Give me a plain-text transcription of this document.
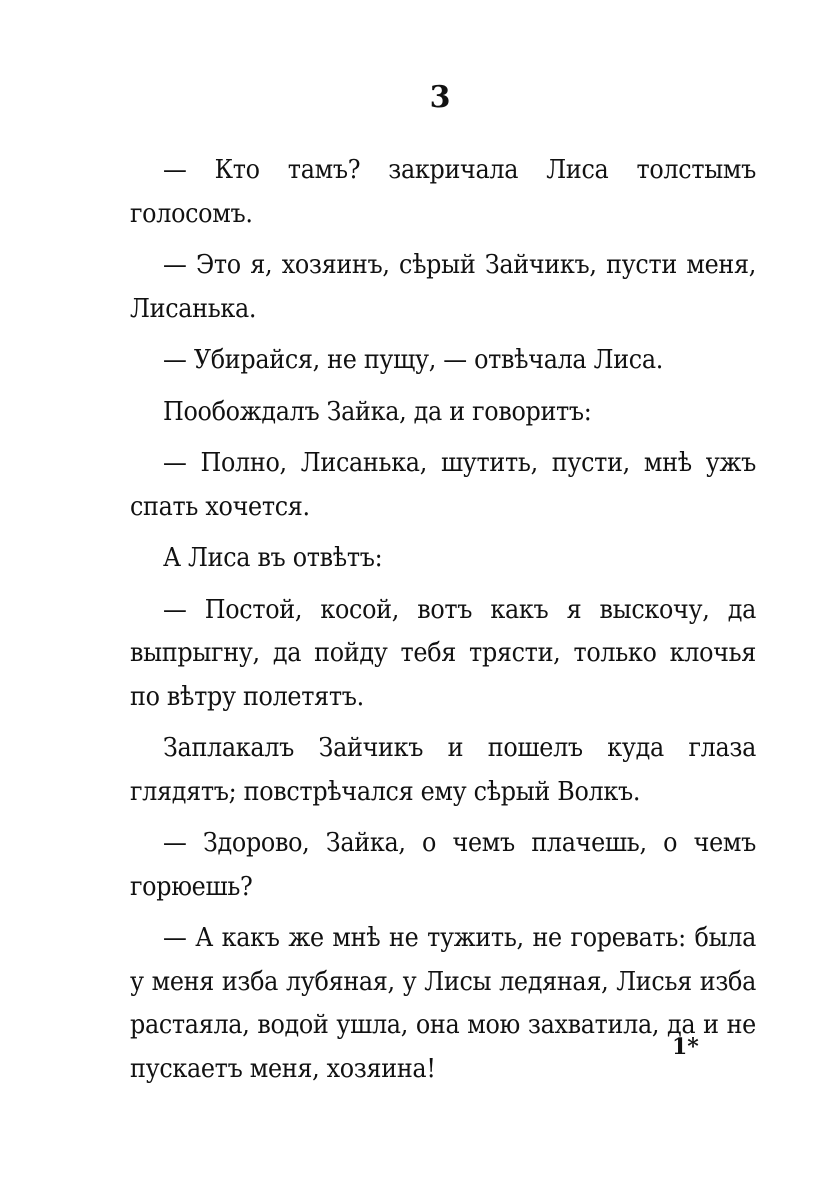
3

— Кто тамъ? закричала Лиса толстымъ голосомъ.

— Это я, хозяинъ, сѣрый Зайчикъ, пусти меня, Лисанька.

— Убирайся, не пущу, — отвѣчала Лиса.

Пообождалъ Зайка, да и говоритъ:

— Полно, Лисанька, шутить, пусти, мнѣ ужъ спать хочется.

А Лиса въ отвѣтъ:

— Постой, косой, вотъ какъ я выскочу, да выпрыгну, да пойду тебя трясти, только клочья по вѣтру полетятъ.

Заплакалъ Зайчикъ и пошелъ куда глаза глядятъ; повстрѣчался ему сѣрый Волкъ.

— Здорово, Зайка, о чемъ плачешь, о чемъ горюешь?

— А какъ же мнѣ не тужить, не горевать: была у меня изба лубяная, у Лисы ледяная, Лисья изба растаяла, водой ушла, она мою захватила, да и не пускаетъ меня, хозяина!

1*
